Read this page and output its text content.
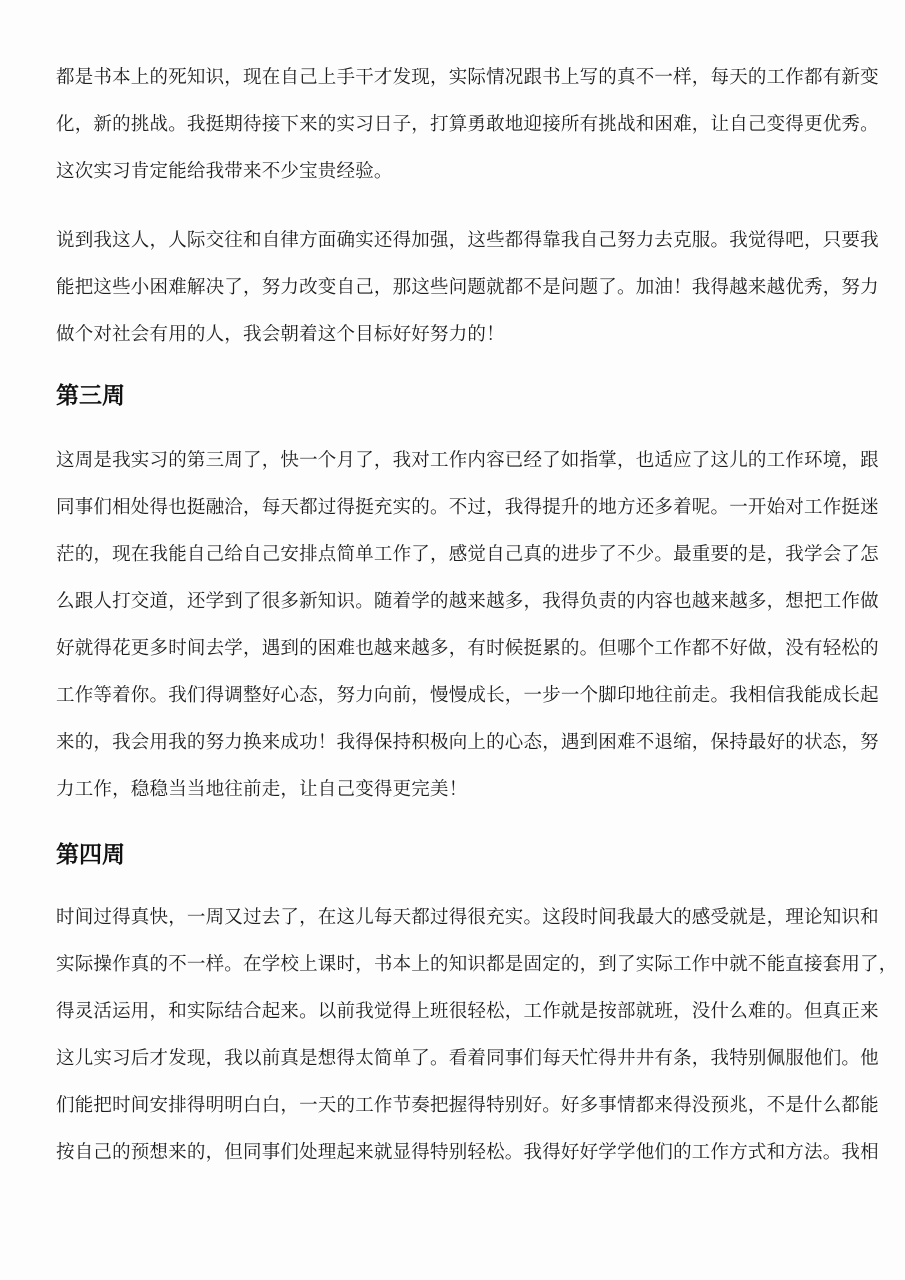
都是书本上的死知识，现在自己上手干才发现，实际情况跟书上写的真不一样，每天的工作都有新变
化，新的挑战。我挺期待接下来的实习日子，打算勇敢地迎接所有挑战和困难，让自己变得更优秀。
这次实习肯定能给我带来不少宝贵经验。
说到我这人，人际交往和自律方面确实还得加强，这些都得靠我自己努力去克服。我觉得吧，只要我
能把这些小困难解决了，努力改变自己，那这些问题就都不是问题了。加油！我得越来越优秀，努力
做个对社会有用的人，我会朝着这个目标好好努力的！
第三周
这周是我实习的第三周了，快一个月了，我对工作内容已经了如指掌，也适应了这儿的工作环境，跟
同事们相处得也挺融洽，每天都过得挺充实的。不过，我得提升的地方还多着呢。一开始对工作挺迷
茫的，现在我能自己给自己安排点简单工作了，感觉自己真的进步了不少。最重要的是，我学会了怎
么跟人打交道，还学到了很多新知识。随着学的越来越多，我得负责的内容也越来越多，想把工作做
好就得花更多时间去学，遇到的困难也越来越多，有时候挺累的。但哪个工作都不好做，没有轻松的
工作等着你。我们得调整好心态，努力向前，慢慢成长，一步一个脚印地往前走。我相信我能成长起
来的，我会用我的努力换来成功！我得保持积极向上的心态，遇到困难不退缩，保持最好的状态，努
力工作，稳稳当当地往前走，让自己变得更完美！
第四周
时间过得真快，一周又过去了，在这儿每天都过得很充实。这段时间我最大的感受就是，理论知识和
实际操作真的不一样。在学校上课时，书本上的知识都是固定的，到了实际工作中就不能直接套用了，
得灵活运用，和实际结合起来。以前我觉得上班很轻松，工作就是按部就班，没什么难的。但真正来
这儿实习后才发现，我以前真是想得太简单了。看着同事们每天忙得井井有条，我特别佩服他们。他
们能把时间安排得明明白白，一天的工作节奏把握得特别好。好多事情都来得没预兆，不是什么都能
按自己的预想来的，但同事们处理起来就显得特别轻松。我得好好学学他们的工作方式和方法。我相
